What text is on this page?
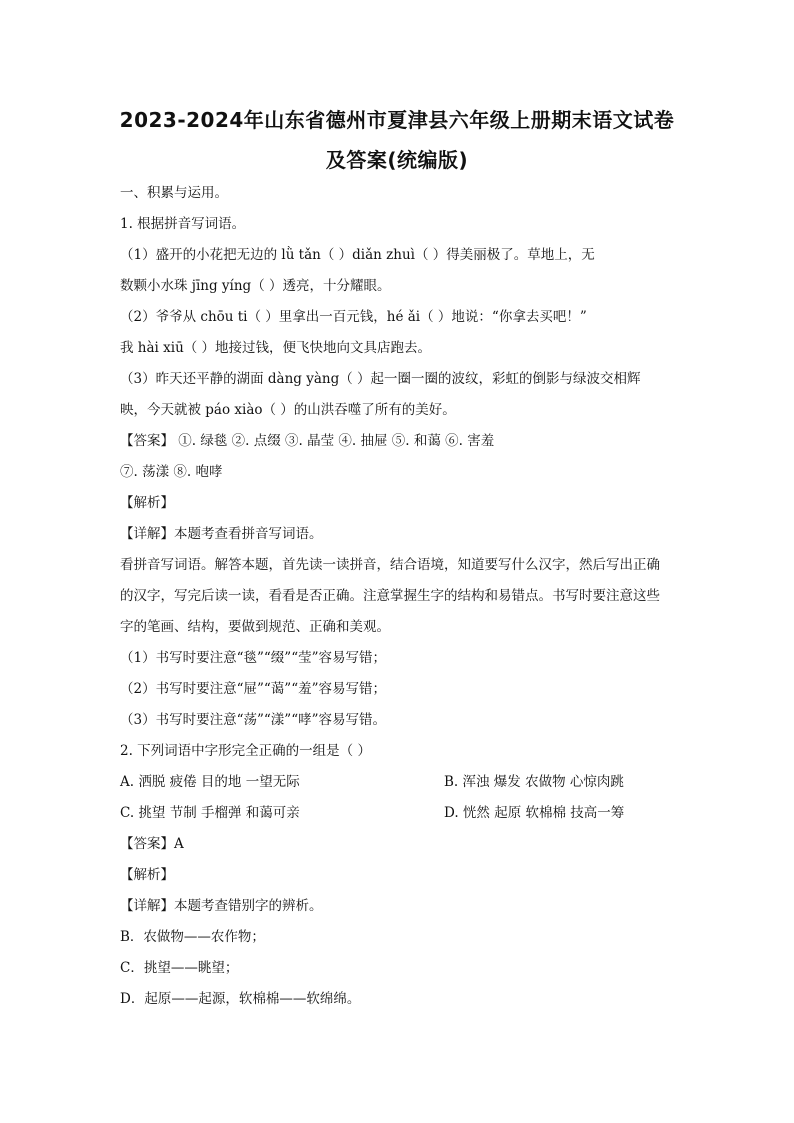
2023-2024年山东省德州市夏津县六年级上册期末语文试卷
及答案(统编版)
一、积累与运用。
1. 根据拼音写词语。
（1）盛开的小花把无边的 lǜ tǎn（ ）diǎn zhuì（ ）得美丽极了。草地上，无
数颗小水珠 jīng yíng（ ）透亮，十分耀眼。
（2）爷爷从 chōu ti（ ）里拿出一百元钱，hé ǎi（ ）地说：“你拿去买吧！”
我 hài xiū（ ）地接过钱，便飞快地向文具店跑去。
（3）昨天还平静的湖面 dàng yàng（ ）起一圈一圈的波纹，彩虹的倒影与绿波交相辉
映，今天就被 páo xiào（ ）的山洪吞噬了所有的美好。
【答案】 ①. 绿毯 ②. 点缀 ③. 晶莹 ④. 抽屉 ⑤. 和蔼 ⑥. 害羞
⑦. 荡漾 ⑧. 咆哮
【解析】
【详解】本题考查看拼音写词语。
看拼音写词语。解答本题，首先读一读拼音，结合语境，知道要写什么汉字，然后写出正确
的汉字，写完后读一读，看看是否正确。注意掌握生字的结构和易错点。书写时要注意这些
字的笔画、结构，要做到规范、正确和美观。
（1）书写时要注意“毯”“缀”“莹”容易写错；
（2）书写时要注意“屉”“蔼”“羞”容易写错；
（3）书写时要注意“荡”“漾”“哮”容易写错。
2. 下列词语中字形完全正确的一组是（ ）
A. 洒脱 疲倦 目的地 一望无际	B. 浑浊 爆发 农做物 心惊肉跳
C. 挑望 节制 手榴弹 和蔼可亲	D. 恍然 起原 软棉棉 技高一筹
【答案】A
【解析】
【详解】本题考查错别字的辨析。
B．农做物——农作物；
C．挑望——眺望；
D．起原——起源，软棉棉——软绵绵。
